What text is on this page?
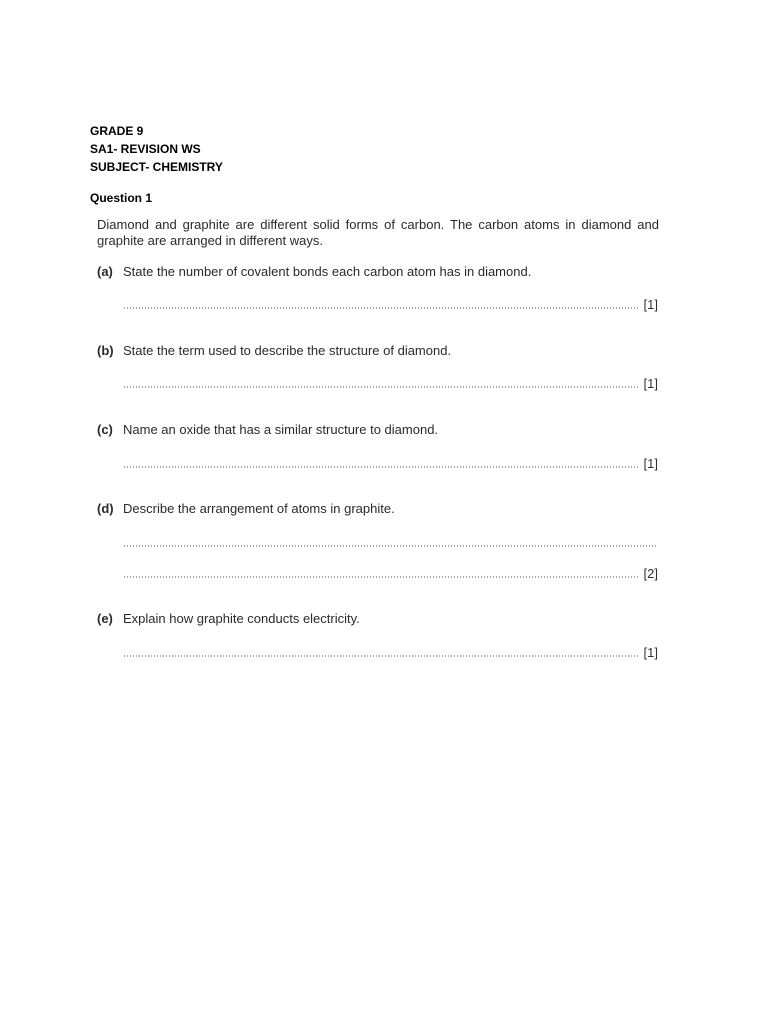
GRADE 9
SA1- REVISION WS
SUBJECT- CHEMISTRY
Question 1
Diamond and graphite are different solid forms of carbon. The carbon atoms in diamond and graphite are arranged in different ways.
(a) State the number of covalent bonds each carbon atom has in diamond.
[1]
(b) State the term used to describe the structure of diamond.
[1]
(c) Name an oxide that has a similar structure to diamond.
[1]
(d) Describe the arrangement of atoms in graphite.
[2]
(e) Explain how graphite conducts electricity.
[1]
